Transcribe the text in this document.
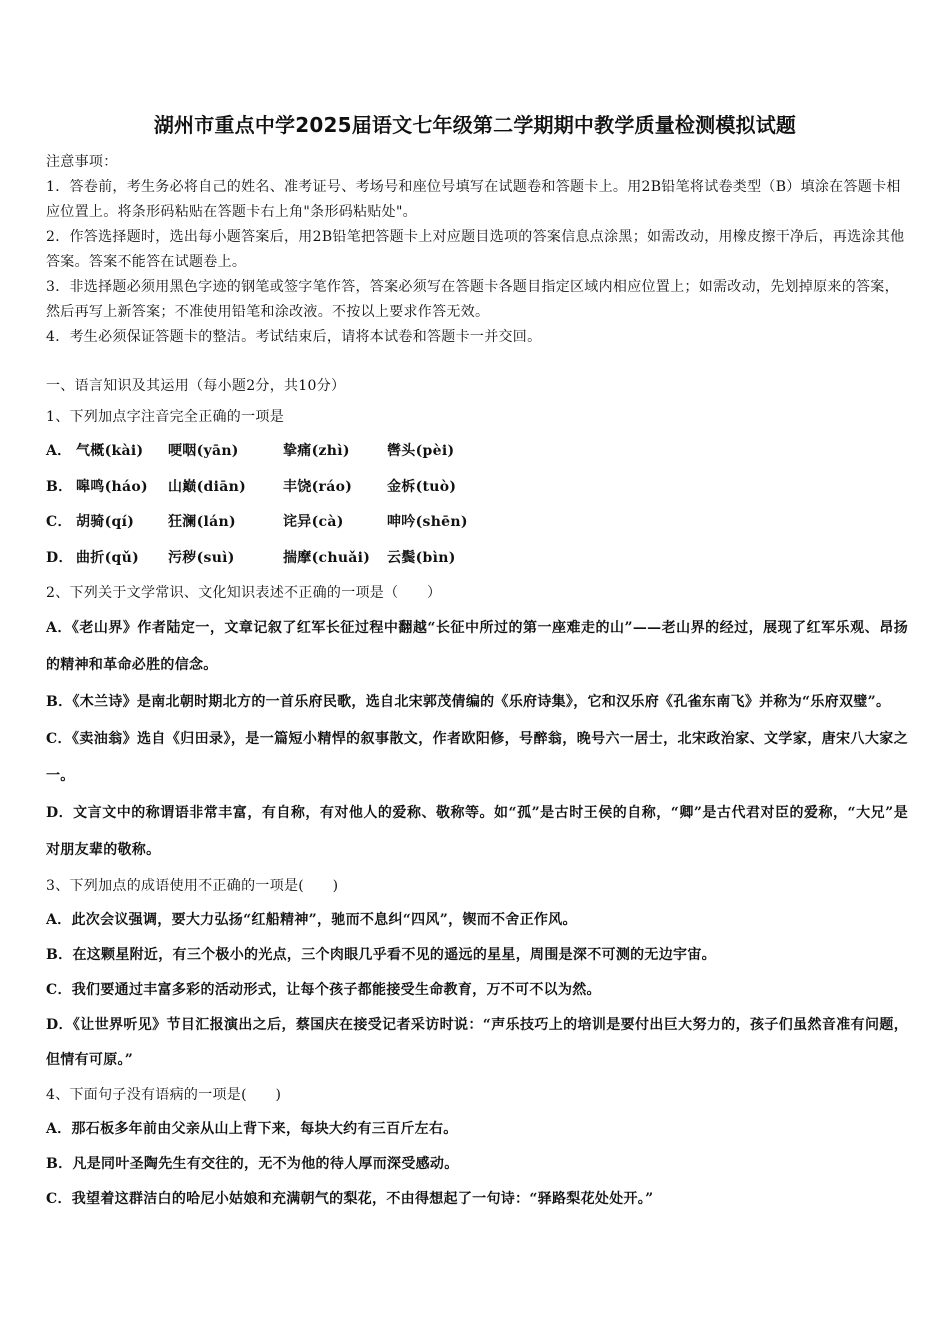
湖州市重点中学2025届语文七年级第二学期期中教学质量检测模拟试题

注意事项：

1．答卷前，考生务必将自己的姓名、准考证号、考场号和座位号填写在试题卷和答题卡上。用2B铅笔将试卷类型（B）填涂在答题卡相应位置上。将条形码粘贴在答题卡右上角"条形码粘贴处"。

2．作答选择题时，选出每小题答案后，用2B铅笔把答题卡上对应题目选项的答案信息点涂黑；如需改动，用橡皮擦干净后，再选涂其他答案。答案不能答在试题卷上。

3．非选择题必须用黑色字迹的钢笔或签字笔作答，答案必须写在答题卡各题目指定区域内相应位置上；如需改动，先划掉原来的答案，然后再写上新答案；不准使用铅笔和涂改液。不按以上要求作答无效。

4．考生必须保证答题卡的整洁。考试结束后，请将本试卷和答题卡一并交回。

一、语言知识及其运用（每小题2分，共10分）
1、下列加点字注音完全正确的一项是
A． 气概(kài) 哽咽(yān)	挚痛(zhì)	辔头(pèi)
B． 嗥鸣(háo) 山巅(diān)	丰饶(ráo) 金柝(tuò)
C． 胡骑(qí) 狂澜(lán)	诧异(cà)	呻吟(shēn)
D． 曲折(qǔ) 污秽(suì)	揣摩(chuǎi) 云鬓(bìn)
2、下列关于文学常识、文化知识表述不正确的一项是（　　）
A．《老山界》作者陆定一，文章记叙了红军长征过程中翻越“长征中所过的第一座难走的山”——老山界的经过，展现了红军乐观、昂扬的精神和革命必胜的信念。
B．《木兰诗》是南北朝时期北方的一首乐府民歌，选自北宋郭茂倩编的《乐府诗集》，它和汉乐府《孔雀东南飞》并称为“乐府双璧”。
C．《卖油翁》选自《归田录》，是一篇短小精悍的叙事散文，作者欧阳修，号醉翁，晚号六一居士，北宋政治家、文学家，唐宋八大家之一。
D．文言文中的称谓语非常丰富，有自称，有对他人的爱称、敬称等。如“孤”是古时王侯的自称，“卿”是古代君对臣的爱称，“大兄”是对朋友辈的敬称。
3、下列加点的成语使用不正确的一项是(　　)
A．此次会议强调，要大力弘扬“红船精神”，驰而不息纠“四风”，锲而不舍正作风。
B．在这颗星附近，有三个极小的光点，三个肉眼几乎看不见的遥远的星星，周围是深不可测的无边宇宙。
C．我们要通过丰富多彩的活动形式，让每个孩子都能接受生命教育，万不可不以为然。
D．《让世界听见》节目汇报演出之后，蔡国庆在接受记者采访时说：“声乐技巧上的培训是要付出巨大努力的，孩子们虽然音准有问题，但情有可原。”
4、下面句子没有语病的一项是(　　)
A．那石板多年前由父亲从山上背下来，每块大约有三百斤左右。
B．凡是同叶圣陶先生有交往的，无不为他的待人厚而深受感动。
C．我望着这群洁白的哈尼小姑娘和充满朝气的梨花，不由得想起了一句诗：“驿路梨花处处开。”
